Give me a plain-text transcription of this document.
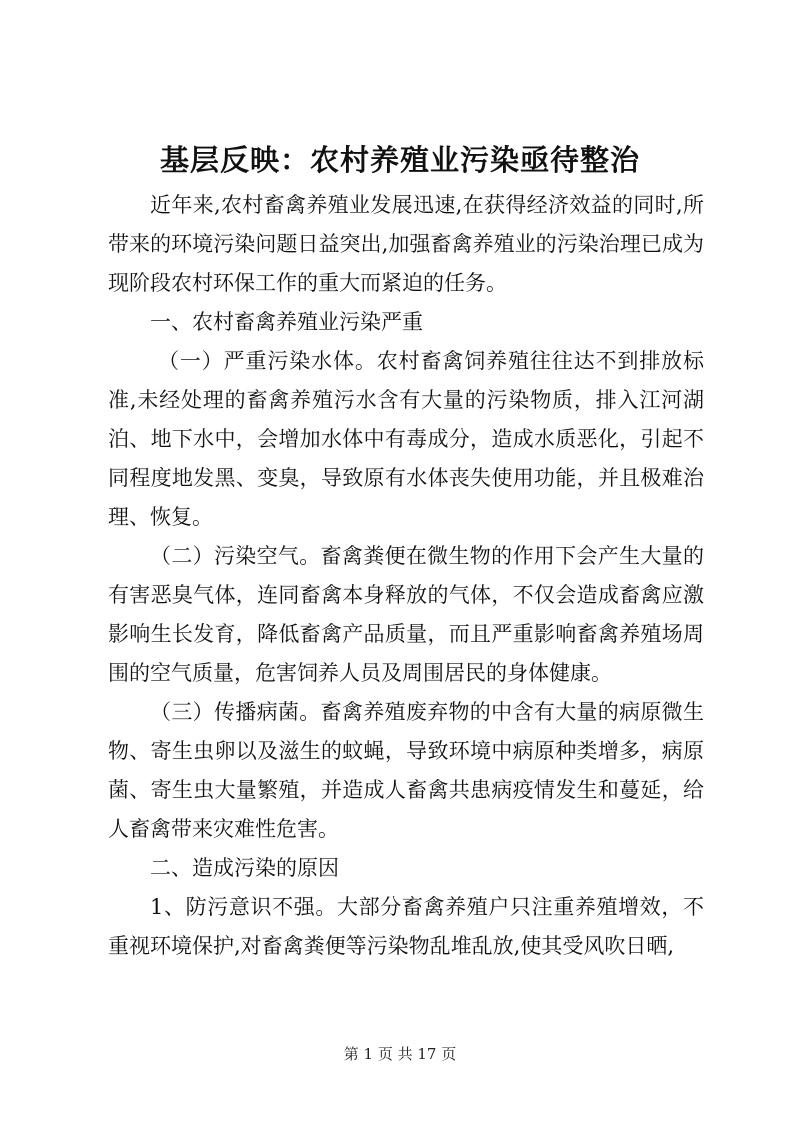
基层反映：农村养殖业污染亟待整治

近年来,农村畜禽养殖业发展迅速,在获得经济效益的同时,所带来的环境污染问题日益突出,加强畜禽养殖业的污染治理已成为现阶段农村环保工作的重大而紧迫的任务。

一、农村畜禽养殖业污染严重

（一）严重污染水体。农村畜禽饲养殖往往达不到排放标准,未经处理的畜禽养殖污水含有大量的污染物质，排入江河湖泊、地下水中，会增加水体中有毒成分，造成水质恶化，引起不同程度地发黑、变臭，导致原有水体丧失使用功能，并且极难治理、恢复。

（二）污染空气。畜禽粪便在微生物的作用下会产生大量的有害恶臭气体，连同畜禽本身释放的气体，不仅会造成畜禽应激影响生长发育，降低畜禽产品质量，而且严重影响畜禽养殖场周围的空气质量，危害饲养人员及周围居民的身体健康。

（三）传播病菌。畜禽养殖废弃物的中含有大量的病原微生物、寄生虫卵以及滋生的蚊蝇，导致环境中病原种类增多，病原菌、寄生虫大量繁殖，并造成人畜禽共患病疫情发生和蔓延，给人畜禽带来灾难性危害。

二、造成污染的原因

1、防污意识不强。大部分畜禽养殖户只注重养殖增效，不重视环境保护,对畜禽粪便等污染物乱堆乱放,使其受风吹日晒,

第 1 页 共 17 页
